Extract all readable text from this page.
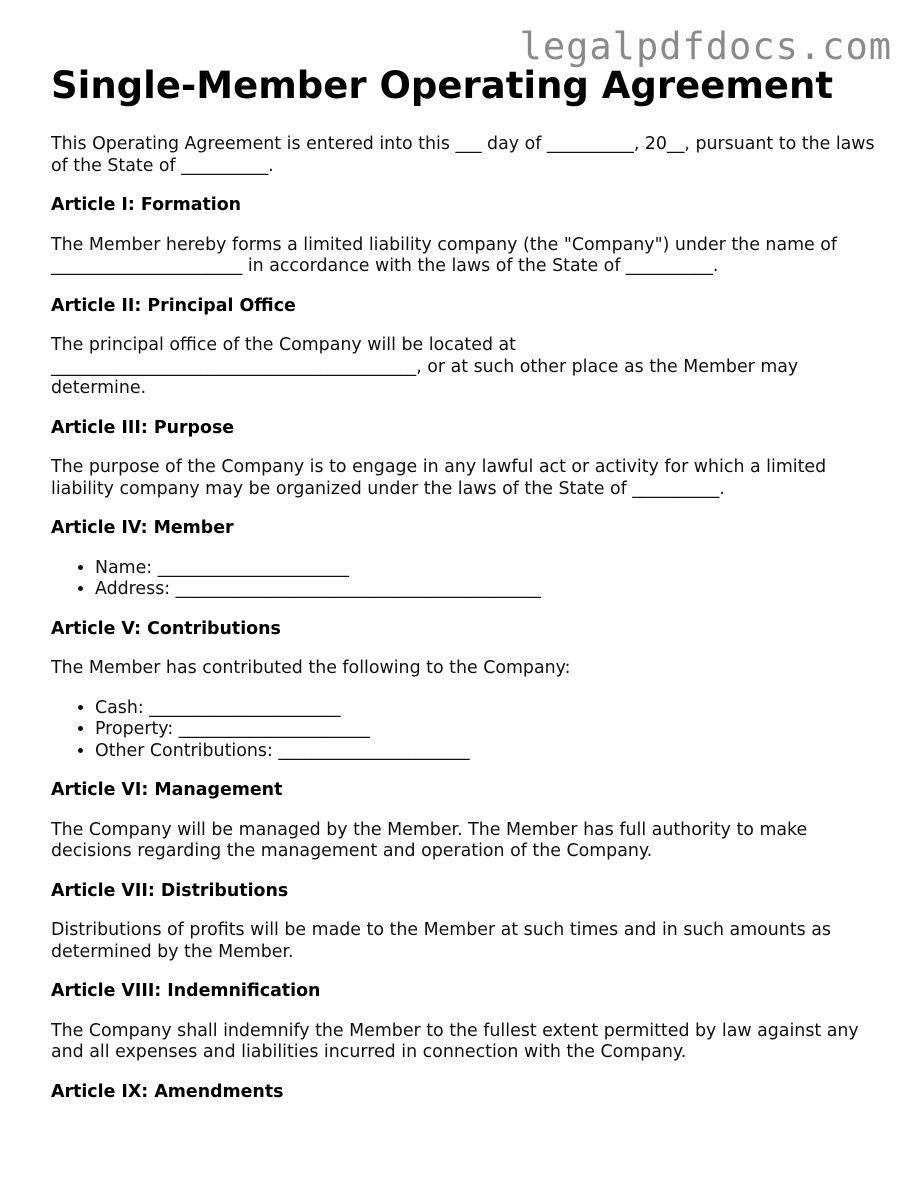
legalpdfdocs.com
Single-Member Operating Agreement

This Operating Agreement is entered into this ___ day of __________, 20__, pursuant to the laws of the State of __________.

Article I: Formation

The Member hereby forms a limited liability company (the "Company") under the name of ______________________ in accordance with the laws of the State of __________.

Article II: Principal Office

The principal office of the Company will be located at __________________________________________, or at such other place as the Member may determine.

Article III: Purpose

The purpose of the Company is to engage in any lawful act or activity for which a limited liability company may be organized under the laws of the State of __________.

Article IV: Member
• Name: ______________________
• Address: __________________________________________
Article V: Contributions

The Member has contributed the following to the Company:

• Cash: ______________________
• Property: ______________________
• Other Contributions: ______________________
Article VI: Management

The Company will be managed by the Member. The Member has full authority to make decisions regarding the management and operation of the Company.

Article VII: Distributions

Distributions of profits will be made to the Member at such times and in such amounts as determined by the Member.

Article VIII: Indemnification

The Company shall indemnify the Member to the fullest extent permitted by law against any and all expenses and liabilities incurred in connection with the Company.

Article IX: Amendments
